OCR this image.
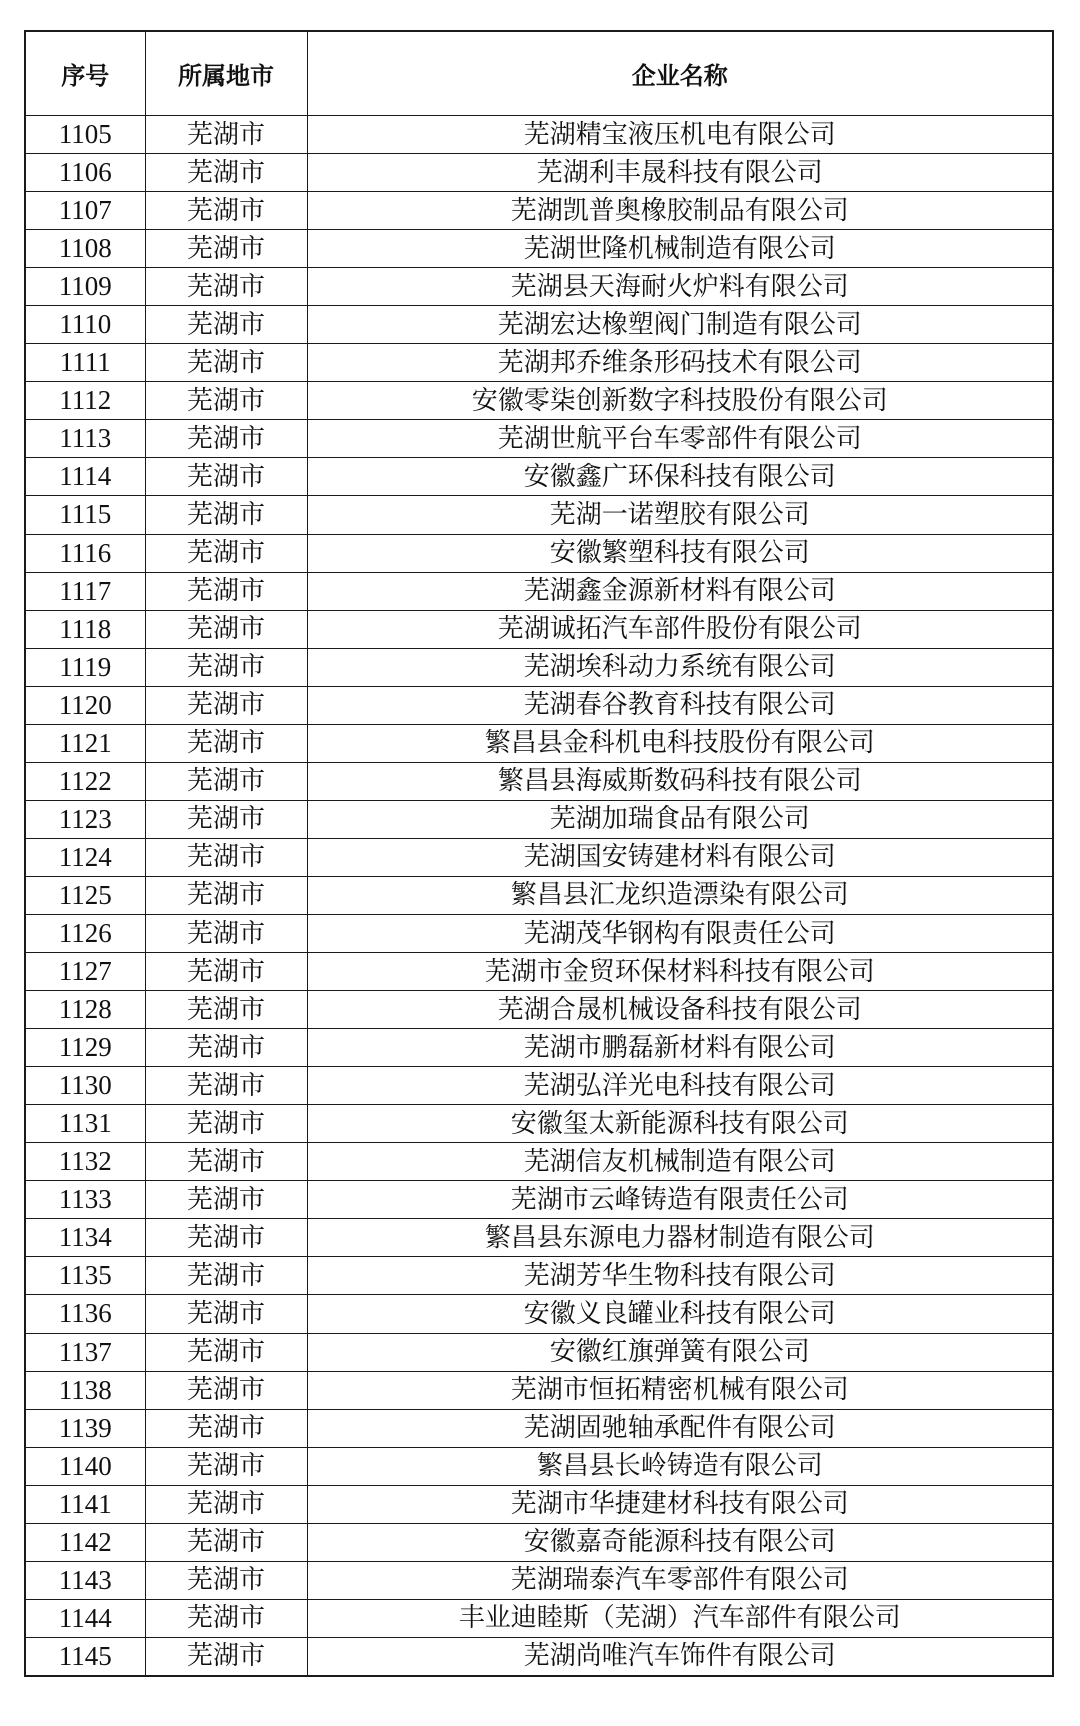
序号	所属地市	企业名称
1105	芜湖市	芜湖精宝液压机电有限公司
1106	芜湖市	芜湖利丰晟科技有限公司
1107	芜湖市	芜湖凯普奥橡胶制品有限公司
1108	芜湖市	芜湖世隆机械制造有限公司
1109	芜湖市	芜湖县天海耐火炉料有限公司
1110	芜湖市	芜湖宏达橡塑阀门制造有限公司
1111	芜湖市	芜湖邦乔维条形码技术有限公司
1112	芜湖市	安徽零柒创新数字科技股份有限公司
1113	芜湖市	芜湖世航平台车零部件有限公司
1114	芜湖市	安徽鑫广环保科技有限公司
1115	芜湖市	芜湖一诺塑胶有限公司
1116	芜湖市	安徽繁塑科技有限公司
1117	芜湖市	芜湖鑫金源新材料有限公司
1118	芜湖市	芜湖诚拓汽车部件股份有限公司
1119	芜湖市	芜湖埃科动力系统有限公司
1120	芜湖市	芜湖春谷教育科技有限公司
1121	芜湖市	繁昌县金科机电科技股份有限公司
1122	芜湖市	繁昌县海威斯数码科技有限公司
1123	芜湖市	芜湖加瑞食品有限公司
1124	芜湖市	芜湖国安铸建材料有限公司
1125	芜湖市	繁昌县汇龙织造漂染有限公司
1126	芜湖市	芜湖茂华钢构有限责任公司
1127	芜湖市	芜湖市金贸环保材料科技有限公司
1128	芜湖市	芜湖合晟机械设备科技有限公司
1129	芜湖市	芜湖市鹏磊新材料有限公司
1130	芜湖市	芜湖弘洋光电科技有限公司
1131	芜湖市	安徽玺太新能源科技有限公司
1132	芜湖市	芜湖信友机械制造有限公司
1133	芜湖市	芜湖市云峰铸造有限责任公司
1134	芜湖市	繁昌县东源电力器材制造有限公司
1135	芜湖市	芜湖芳华生物科技有限公司
1136	芜湖市	安徽义良罐业科技有限公司
1137	芜湖市	安徽红旗弹簧有限公司
1138	芜湖市	芜湖市恒拓精密机械有限公司
1139	芜湖市	芜湖固驰轴承配件有限公司
1140	芜湖市	繁昌县长岭铸造有限公司
1141	芜湖市	芜湖市华捷建材科技有限公司
1142	芜湖市	安徽嘉奇能源科技有限公司
1143	芜湖市	芜湖瑞泰汽车零部件有限公司
1144	芜湖市	丰业迪睦斯（芜湖）汽车部件有限公司
1145	芜湖市	芜湖尚唯汽车饰件有限公司
